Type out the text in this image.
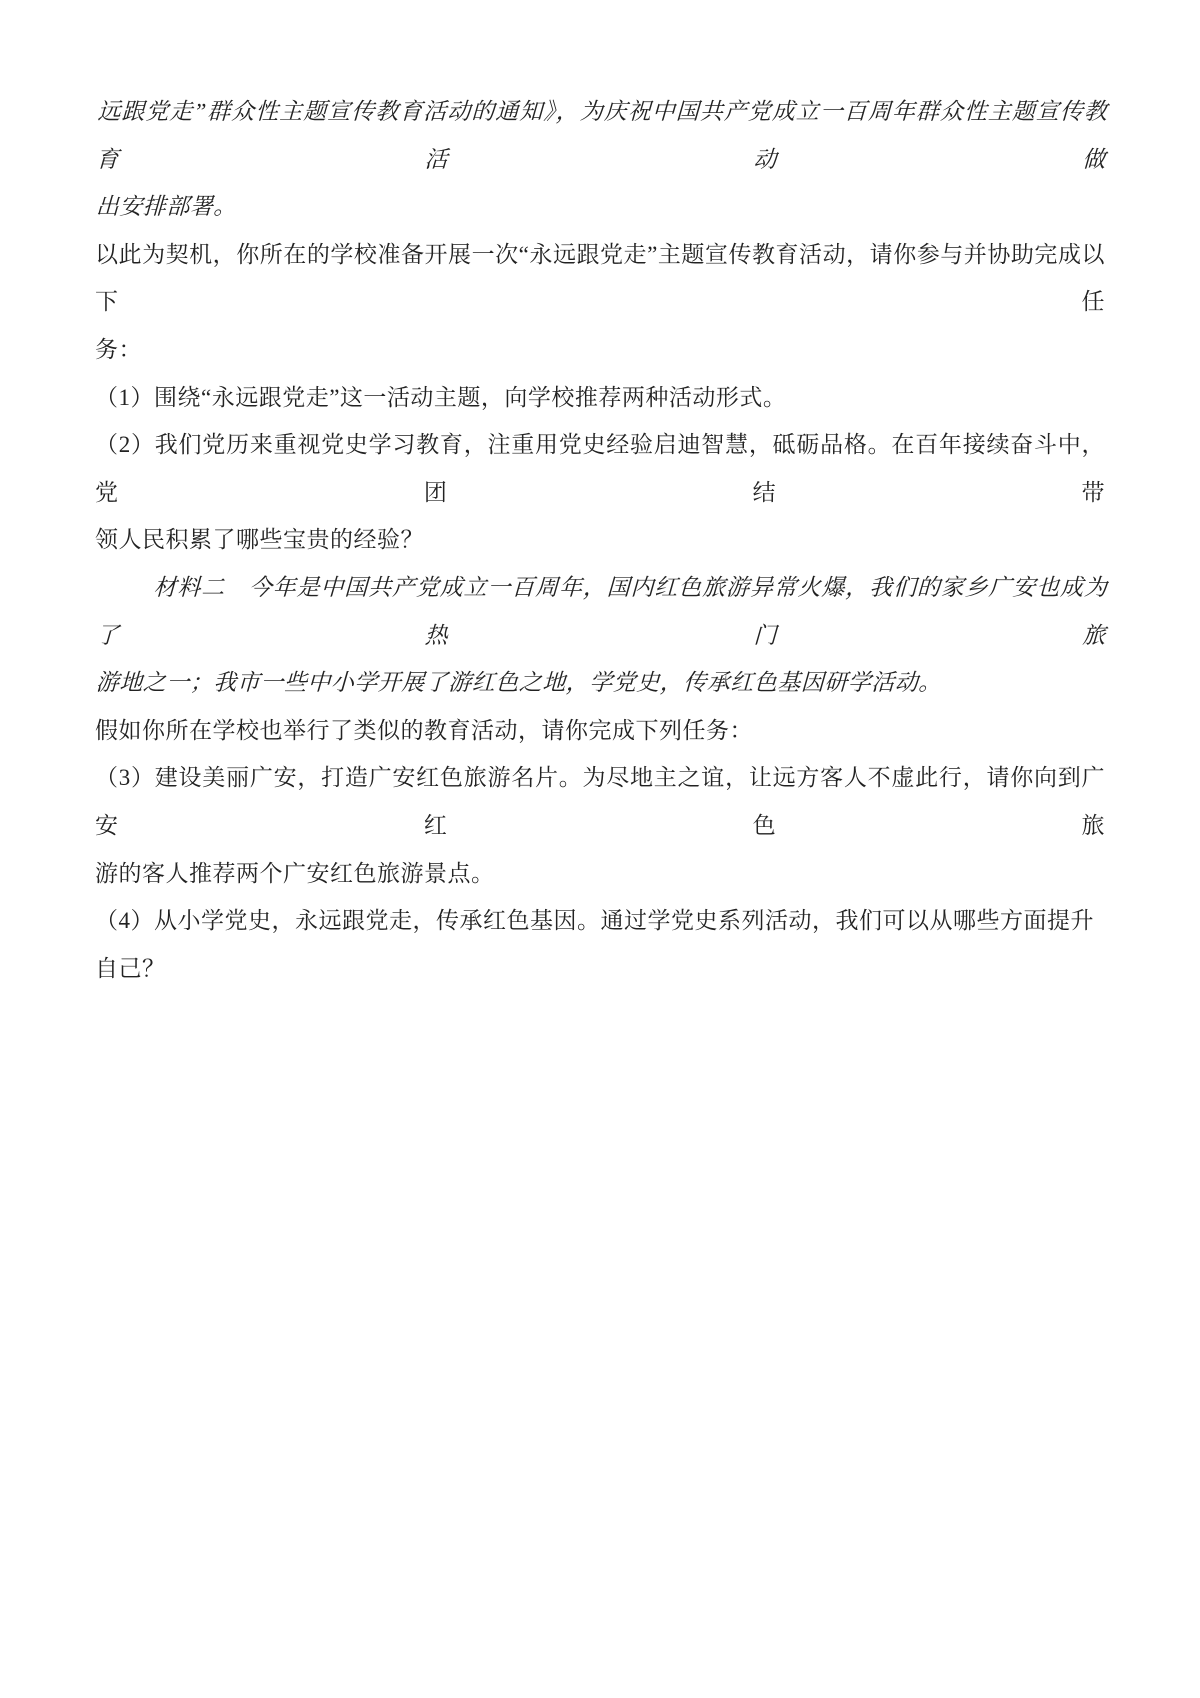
远跟党走”群众性主题宣传教育活动的通知》，为庆祝中国共产党成立一百周年群众性主题宣传教育活动做
出安排部署。
以此为契机，你所在的学校准备开展一次“永远跟党走”主题宣传教育活动，请你参与并协助完成以下任
务：
（1）围绕“永远跟党走”这一活动主题，向学校推荐两种活动形式。
（2）我们党历来重视党史学习教育，注重用党史经验启迪智慧，砥砺品格。在百年接续奋斗中，党团结带
领人民积累了哪些宝贵的经验？
材料二　今年是中国共产党成立一百周年，国内红色旅游异常火爆，我们的家乡广安也成为了热门旅
游地之一；我市一些中小学开展了游红色之地，学党史，传承红色基因研学活动。
假如你所在学校也举行了类似的教育活动，请你完成下列任务：
（3）建设美丽广安，打造广安红色旅游名片。为尽地主之谊，让远方客人不虚此行，请你向到广安红色旅
游的客人推荐两个广安红色旅游景点。
（4）从小学党史，永远跟党走，传承红色基因。通过学党史系列活动，我们可以从哪些方面提升自己？
